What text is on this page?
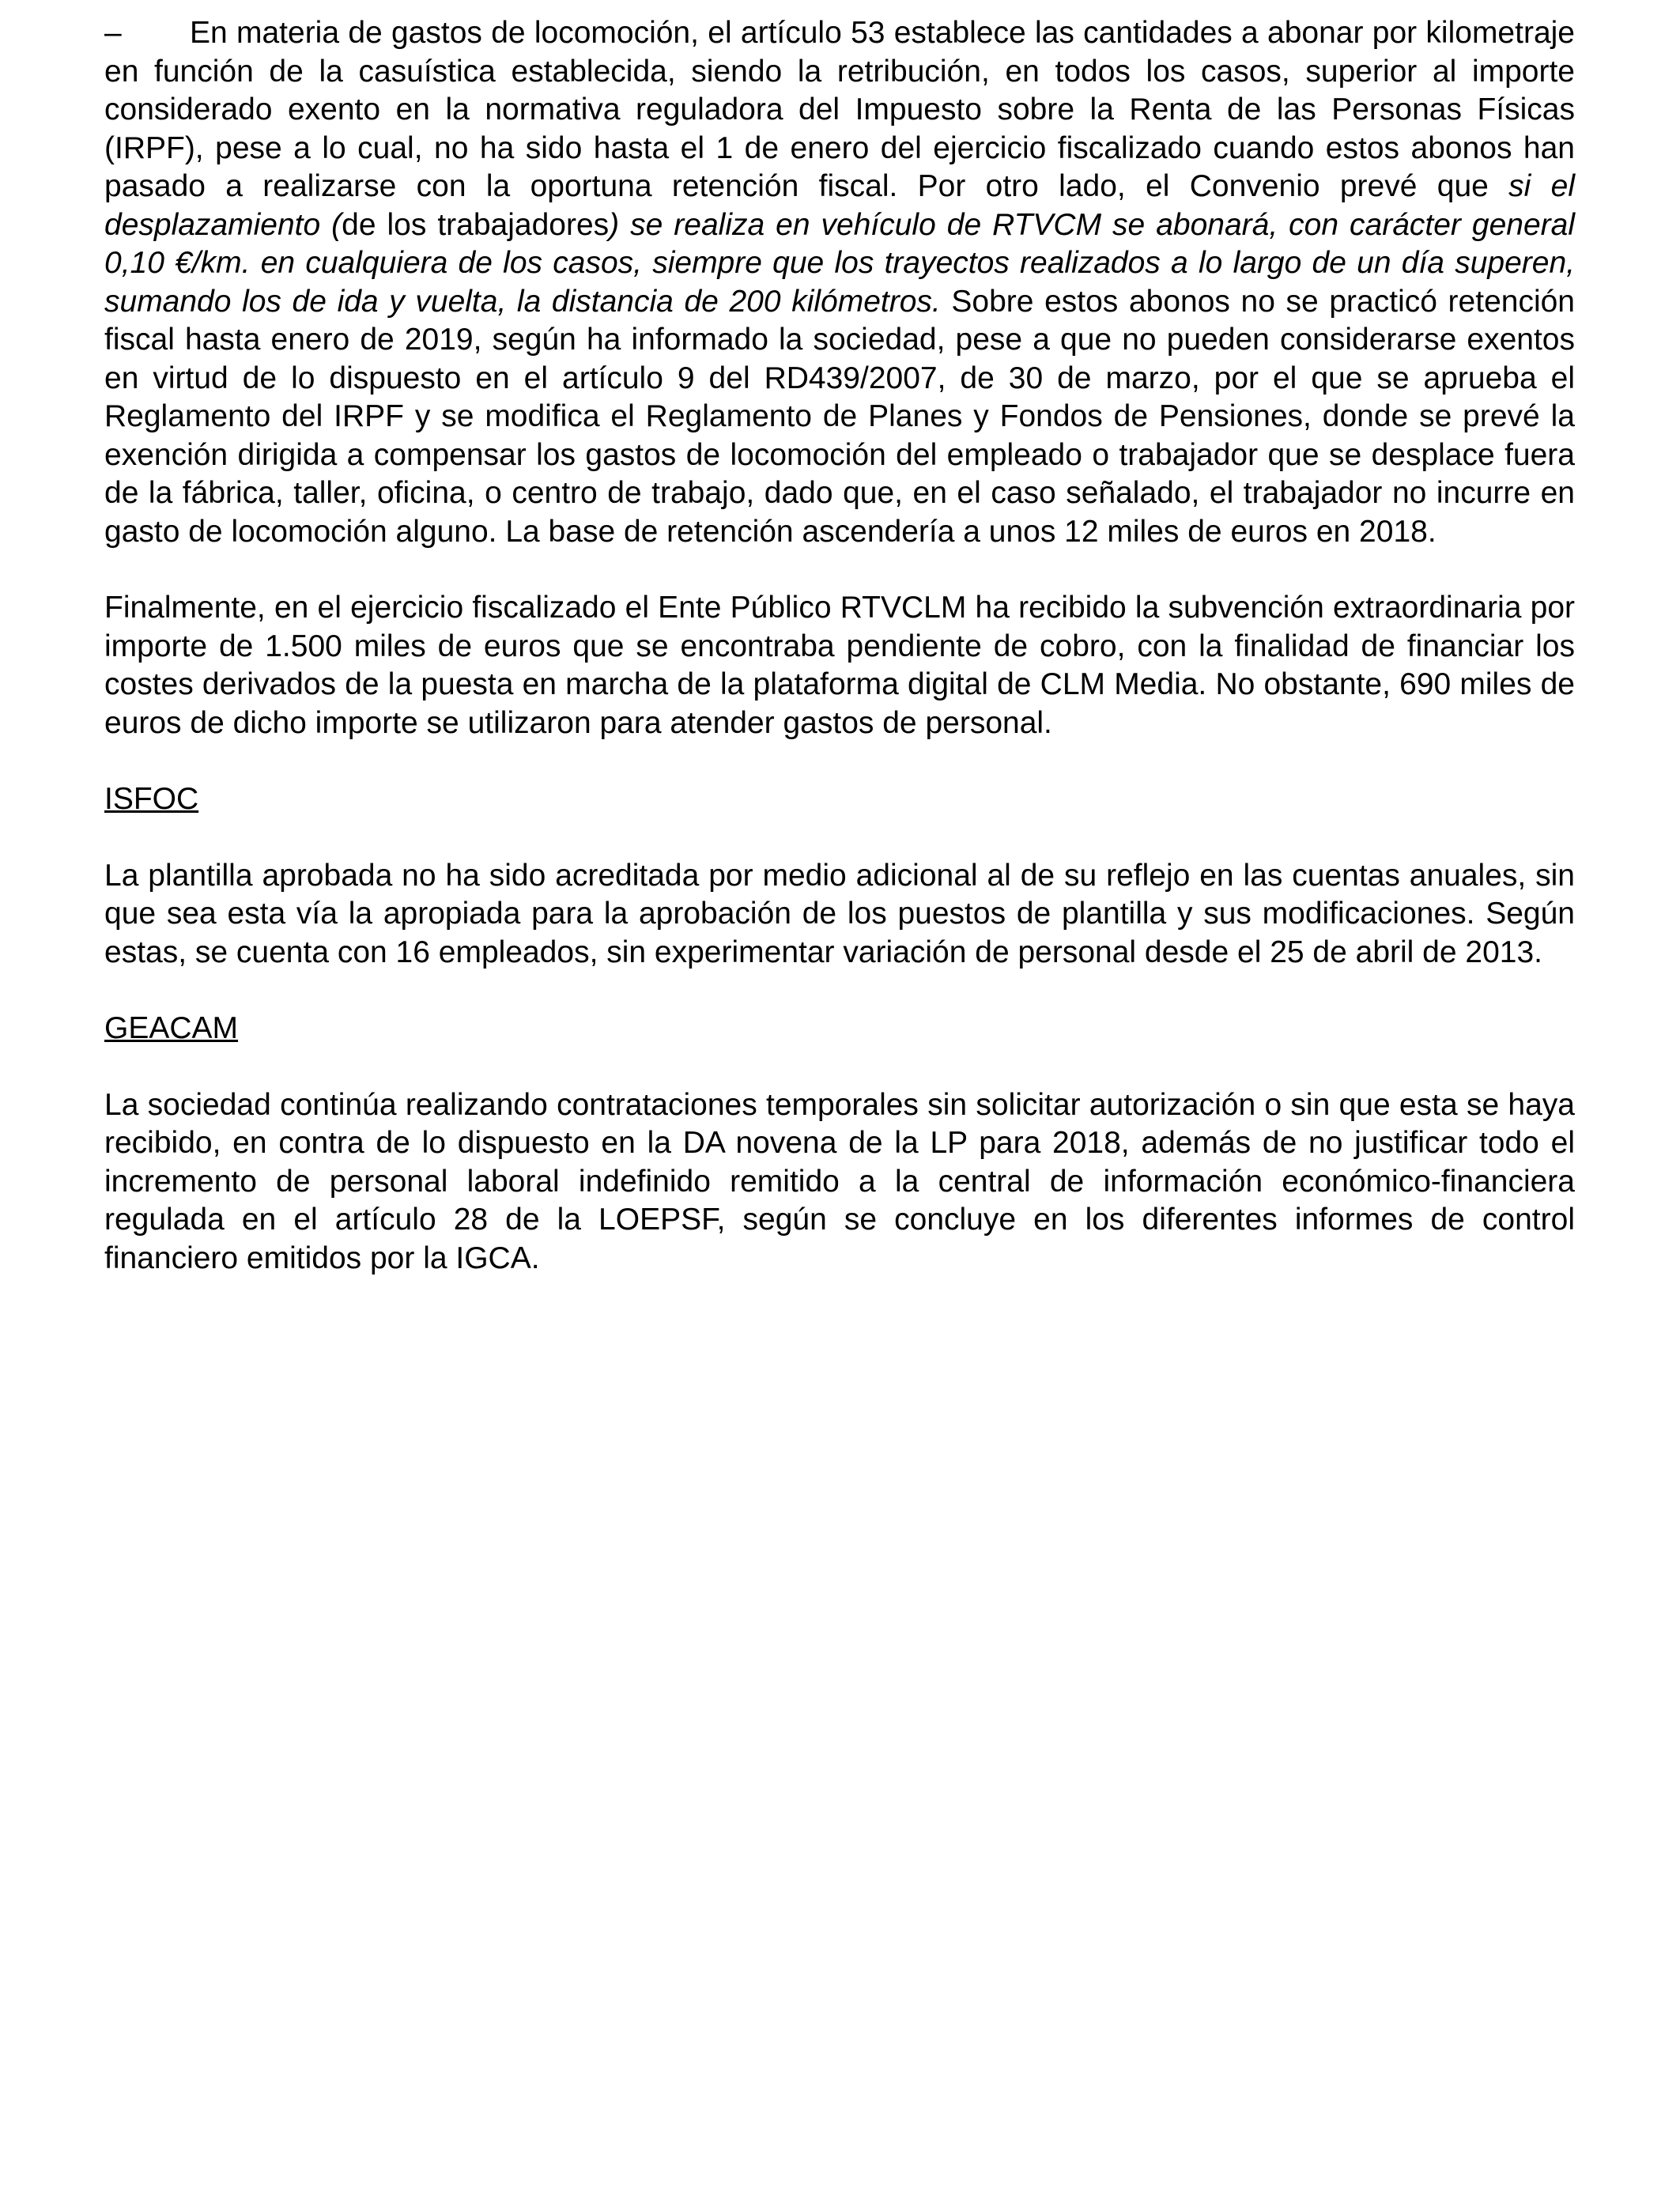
– En materia de gastos de locomoción, el artículo 53 establece las cantidades a abonar por kilometraje en función de la casuística establecida, siendo la retribución, en todos los casos, superior al importe considerado exento en la normativa reguladora del Impuesto sobre la Renta de las Personas Físicas (IRPF), pese a lo cual, no ha sido hasta el 1 de enero del ejercicio fiscalizado cuando estos abonos han pasado a realizarse con la oportuna retención fiscal. Por otro lado, el Convenio prevé que si el desplazamiento (de los trabajadores) se realiza en vehículo de RTVCM se abonará, con carácter general 0,10 €/km. en cualquiera de los casos, siempre que los trayectos realizados a lo largo de un día superen, sumando los de ida y vuelta, la distancia de 200 kilómetros. Sobre estos abonos no se practicó retención fiscal hasta enero de 2019, según ha informado la sociedad, pese a que no pueden considerarse exentos en virtud de lo dispuesto en el artículo 9 del RD439/2007, de 30 de marzo, por el que se aprueba el Reglamento del IRPF y se modifica el Reglamento de Planes y Fondos de Pensiones, donde se prevé la exención dirigida a compensar los gastos de locomoción del empleado o trabajador que se desplace fuera de la fábrica, taller, oficina, o centro de trabajo, dado que, en el caso señalado, el trabajador no incurre en gasto de locomoción alguno. La base de retención ascendería a unos 12 miles de euros en 2018.

Finalmente, en el ejercicio fiscalizado el Ente Público RTVCLM ha recibido la subvención extraordinaria por importe de 1.500 miles de euros que se encontraba pendiente de cobro, con la finalidad de financiar los costes derivados de la puesta en marcha de la plataforma digital de CLM Media. No obstante, 690 miles de euros de dicho importe se utilizaron para atender gastos de personal.

ISFOC

La plantilla aprobada no ha sido acreditada por medio adicional al de su reflejo en las cuentas anuales, sin que sea esta vía la apropiada para la aprobación de los puestos de plantilla y sus modificaciones. Según estas, se cuenta con 16 empleados, sin experimentar variación de personal desde el 25 de abril de 2013.

GEACAM

La sociedad continúa realizando contrataciones temporales sin solicitar autorización o sin que esta se haya recibido, en contra de lo dispuesto en la DA novena de la LP para 2018, además de no justificar todo el incremento de personal laboral indefinido remitido a la central de información económico-financiera regulada en el artículo 28 de la LOEPSF, según se concluye en los diferentes informes de control financiero emitidos por la IGCA.
